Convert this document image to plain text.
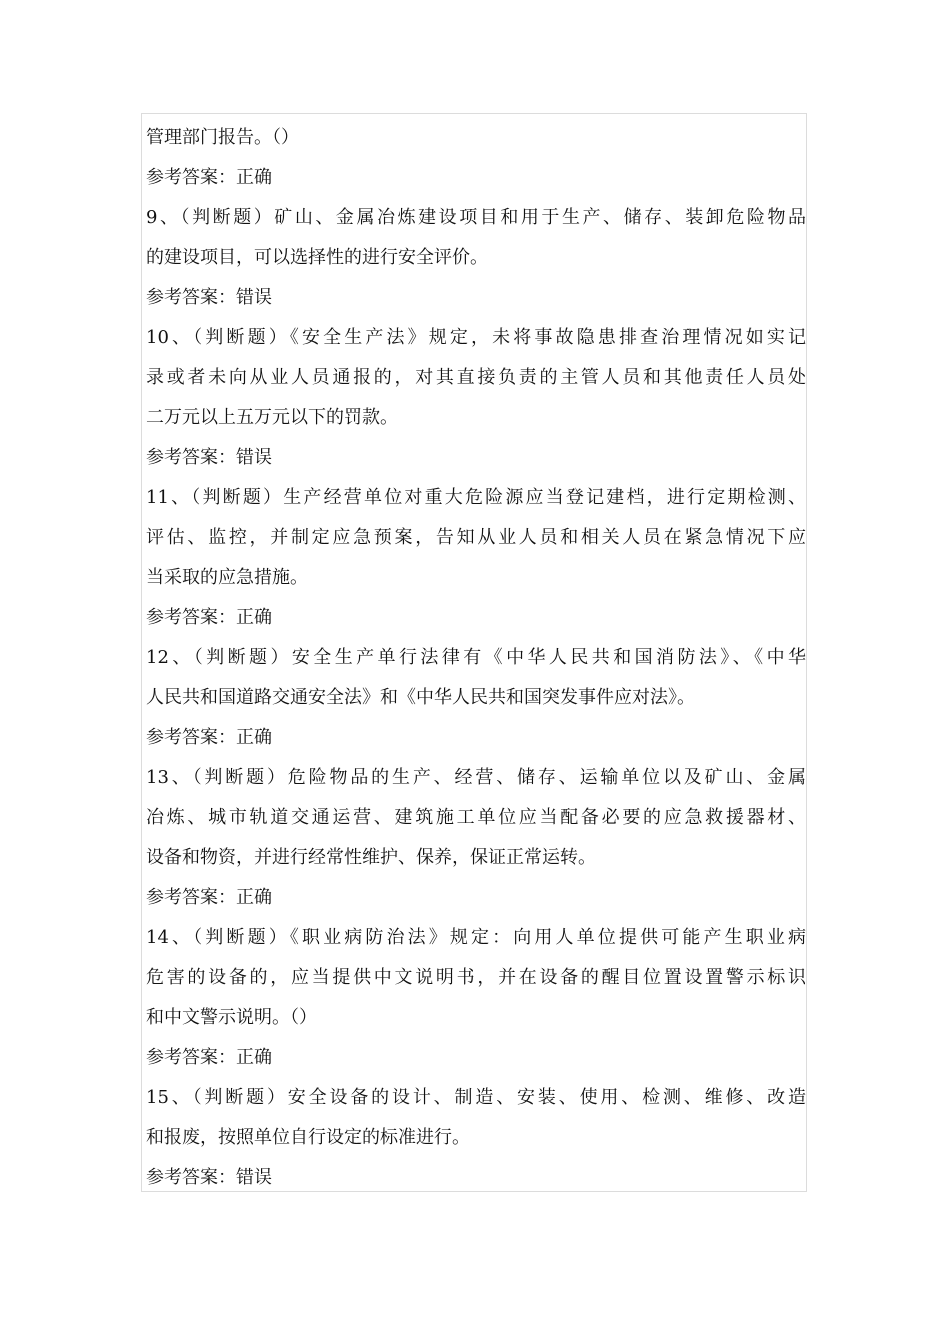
管理部门报告。（）
参考答案：正确
9、（判断题）矿山、金属冶炼建设项目和用于生产、储存、装卸危险物品
的建设项目，可以选择性的进行安全评价。
参考答案：错误
10、（判断题）《安全生产法》规定，未将事故隐患排查治理情况如实记
录或者未向从业人员通报的，对其直接负责的主管人员和其他责任人员处
二万元以上五万元以下的罚款。
参考答案：错误
11、（判断题）生产经营单位对重大危险源应当登记建档，进行定期检测、
评估、监控，并制定应急预案，告知从业人员和相关人员在紧急情况下应
当采取的应急措施。
参考答案：正确
12、（判断题）安全生产单行法律有《中华人民共和国消防法》、《中华
人民共和国道路交通安全法》和《中华人民共和国突发事件应对法》。
参考答案：正确
13、（判断题）危险物品的生产、经营、储存、运输单位以及矿山、金属
冶炼、城市轨道交通运营、建筑施工单位应当配备必要的应急救援器材、
设备和物资，并进行经常性维护、保养，保证正常运转。
参考答案：正确
14、（判断题）《职业病防治法》规定：向用人单位提供可能产生职业病
危害的设备的，应当提供中文说明书，并在设备的醒目位置设置警示标识
和中文警示说明。（）
参考答案：正确
15、（判断题）安全设备的设计、制造、安装、使用、检测、维修、改造
和报废，按照单位自行设定的标准进行。
参考答案：错误
